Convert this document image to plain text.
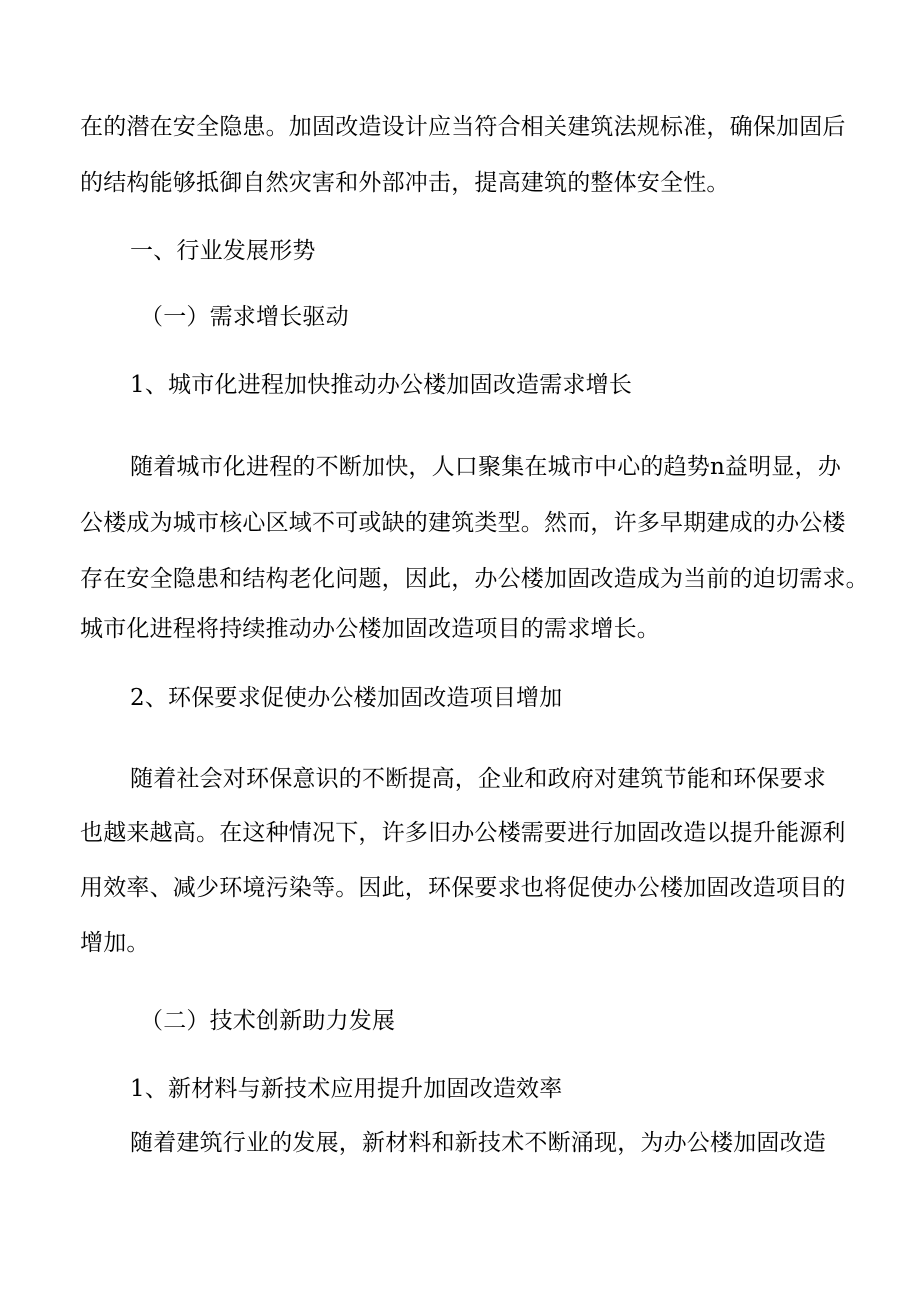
在的潜在安全隐患。加固改造设计应当符合相关建筑法规标准，确保加固后
的结构能够抵御自然灾害和外部冲击，提高建筑的整体安全性。
一、行业发展形势
（一）需求增长驱动
1、城市化进程加快推动办公楼加固改造需求增长
随着城市化进程的不断加快，人口聚集在城市中心的趋势n益明显，办
公楼成为城市核心区域不可或缺的建筑类型。然而，许多早期建成的办公楼
存在安全隐患和结构老化问题，因此，办公楼加固改造成为当前的迫切需求。
城市化进程将持续推动办公楼加固改造项目的需求增长。
2、环保要求促使办公楼加固改造项目增加
随着社会对环保意识的不断提高，企业和政府对建筑节能和环保要求
也越来越高。在这种情况下，许多旧办公楼需要进行加固改造以提升能源利
用效率、减少环境污染等。因此，环保要求也将促使办公楼加固改造项目的
增加。
（二）技术创新助力发展
1、新材料与新技术应用提升加固改造效率
随着建筑行业的发展，新材料和新技术不断涌现，为办公楼加固改造
